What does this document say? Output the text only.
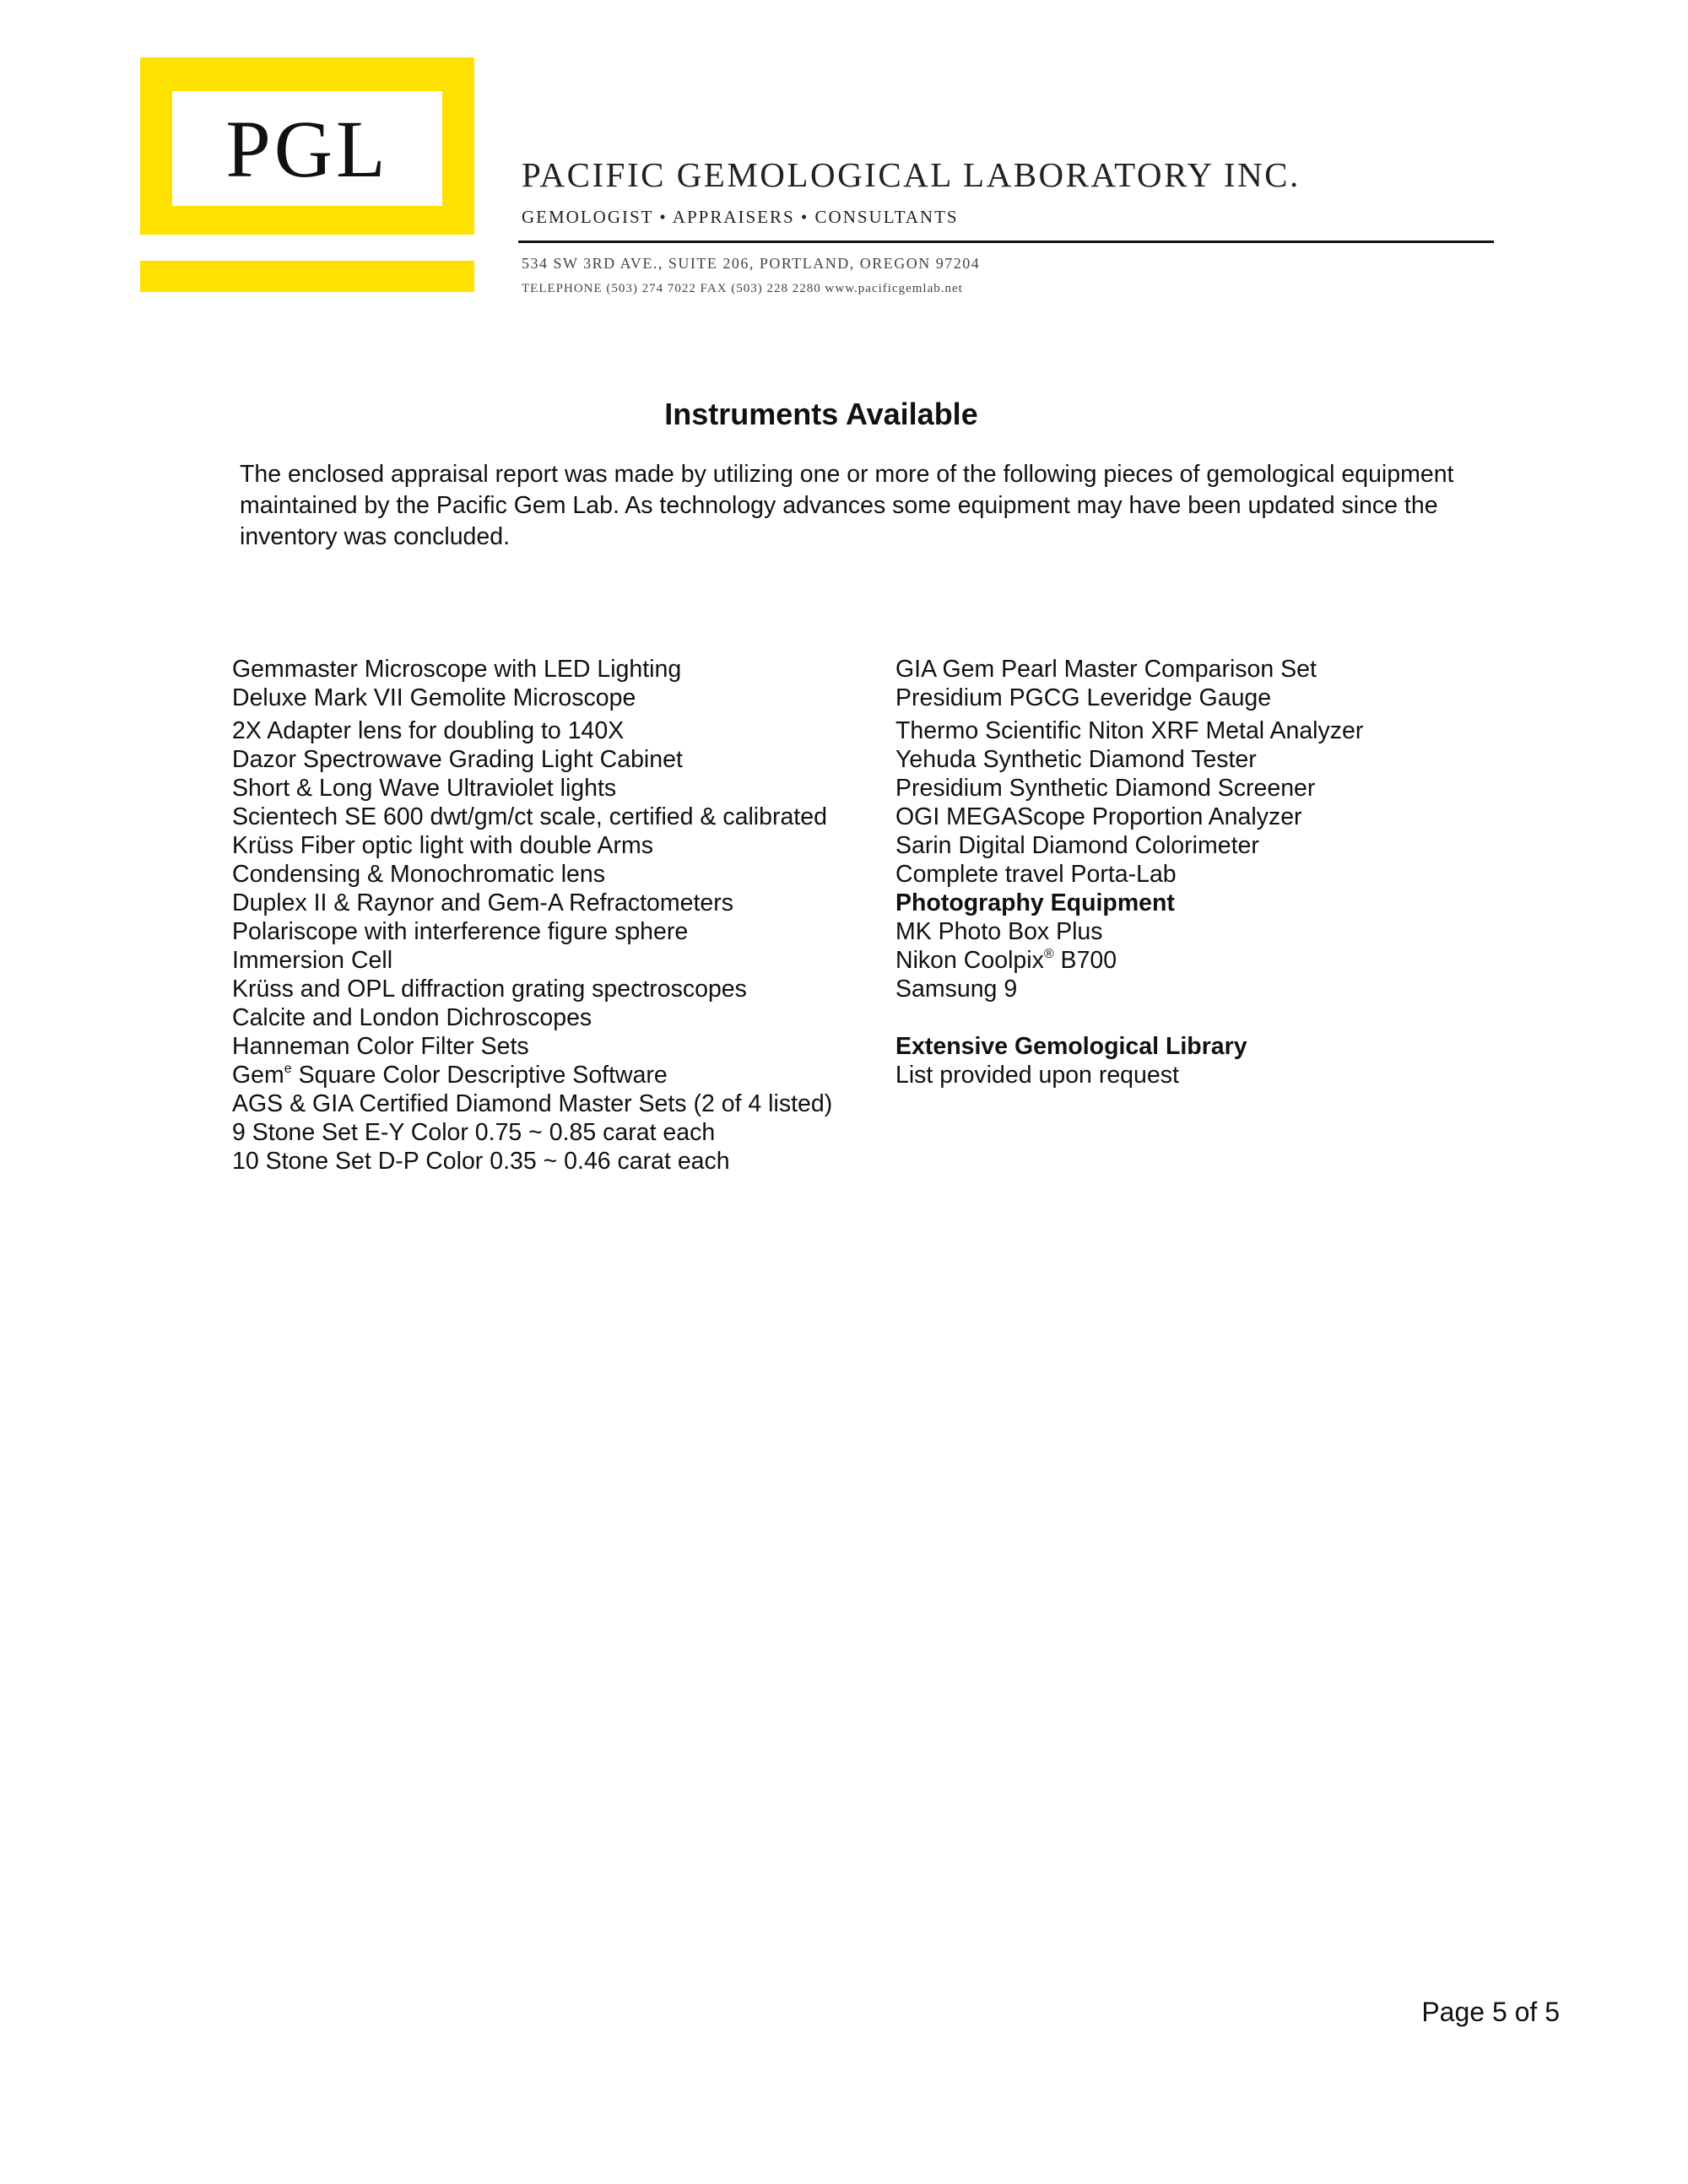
PGL	PACIFIC GEMOLOGICAL LABORATORY INC.
GEMOLOGIST • APPRAISERS • CONSULTANTS
534 SW 3RD AVE., SUITE 206, PORTLAND, OREGON 97204
TELEPHONE (503) 274 7022 FAX (503) 228 2280 www.pacificgemlab.net
Instruments Available
The enclosed appraisal report was made by utilizing one or more of the following pieces of gemological equipment maintained by the Pacific Gem Lab. As technology advances some equipment may have been updated since the inventory was concluded.
Gemmaster Microscope with LED Lighting
Deluxe Mark VII Gemolite Microscope
2X Adapter lens for doubling to 140X
Dazor Spectrowave Grading Light Cabinet
Short & Long Wave Ultraviolet lights
Scientech SE 600 dwt/gm/ct scale, certified & calibrated
Krüss Fiber optic light with double Arms
Condensing & Monochromatic lens
Duplex II & Raynor and Gem-A Refractometers
Polariscope with interference figure sphere
Immersion Cell
Krüss and OPL diffraction grating spectroscopes
Calcite and London Dichroscopes
Hanneman Color Filter Sets
Gem$^e$ Square Color Descriptive Software
AGS & GIA Certified Diamond Master Sets (2 of 4 listed)
9 Stone Set E-Y Color 0.75 ~ 0.85 carat each
10 Stone Set D-P Color 0.35 ~ 0.46 carat each
GIA Gem Pearl Master Comparison Set
Presidium PGCG Leveridge Gauge
Thermo Scientific Niton XRF Metal Analyzer
Yehuda Synthetic Diamond Tester
Presidium Synthetic Diamond Screener
OGI MEGAScope Proportion Analyzer
Sarin Digital Diamond Colorimeter
Complete travel Porta-Lab
Photography Equipment
MK Photo Box Plus
Nikon Coolpix® B700
Samsung 9
Extensive Gemological Library
List provided upon request
Page 5 of 5
